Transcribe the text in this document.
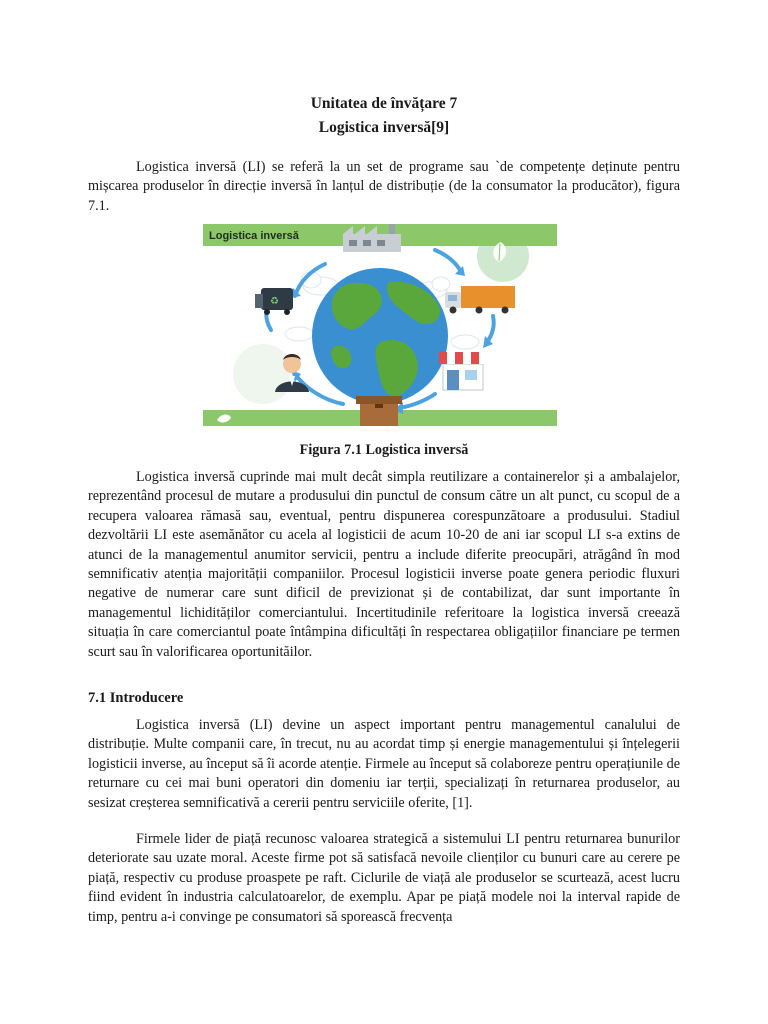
Unitatea de învățare 7
Logistica inversă[9]

Logistica inversă (LI) se referă la un set de programe sau `de competențe deținute pentru mișcarea produselor în direcție inversă în lanțul de distribuție (de la consumator la producător), figura 7.1.

Logistica inversă
♻
Figura 7.1 Logistica inversă

Logistica inversă cuprinde mai mult decât simpla reutilizare a containerelor și a ambalajelor, reprezentând procesul de mutare a produsului din punctul de consum către un alt punct, cu scopul de a recupera valoarea rămasă sau, eventual, pentru dispunerea corespunzătoare a produsului. Stadiul dezvoltării LI este asemănător cu acela al logisticii de acum 10-20 de ani iar scopul LI s-a extins de atunci de la managementul anumitor servicii, pentru a include diferite preocupări, atrăgând în mod semnificativ atenția majorității companiilor. Procesul logisticii inverse poate genera periodic fluxuri negative de numerar care sunt dificil de previzionat și de contabilizat, dar sunt importante în managementul lichidităților comerciantului. Incertitudinile referitoare la logistica inversă creează situația în care comerciantul poate întâmpina dificultăți în respectarea obligațiilor financiare pe termen scurt sau în valorificarea oportunităilor.

7.1 Introducere

Logistica inversă (LI) devine un aspect important pentru managementul canalului de distribuție. Multe companii care, în trecut, nu au acordat timp și energie managementului și înțelegerii logisticii inverse, au început să îi acorde atenție. Firmele au început să colaboreze pentru operațiunile de returnare cu cei mai buni operatori din domeniu iar terții, specializați în returnarea produselor, au sesizat creșterea semnificativă a cererii pentru serviciile oferite, [1].

Firmele lider de piață recunosc valoarea strategică a sistemului LI pentru returnarea bunurilor deteriorate sau uzate moral. Aceste firme pot să satisfacă nevoile clienților cu bunuri care au cerere pe piață, respectiv cu produse proaspete pe raft. Ciclurile de viață ale produselor se scurtează, acest lucru fiind evident în industria calculatoarelor, de exemplu. Apar pe piață modele noi la interval rapide de timp, pentru a-i convinge pe consumatori să sporească frecvența
